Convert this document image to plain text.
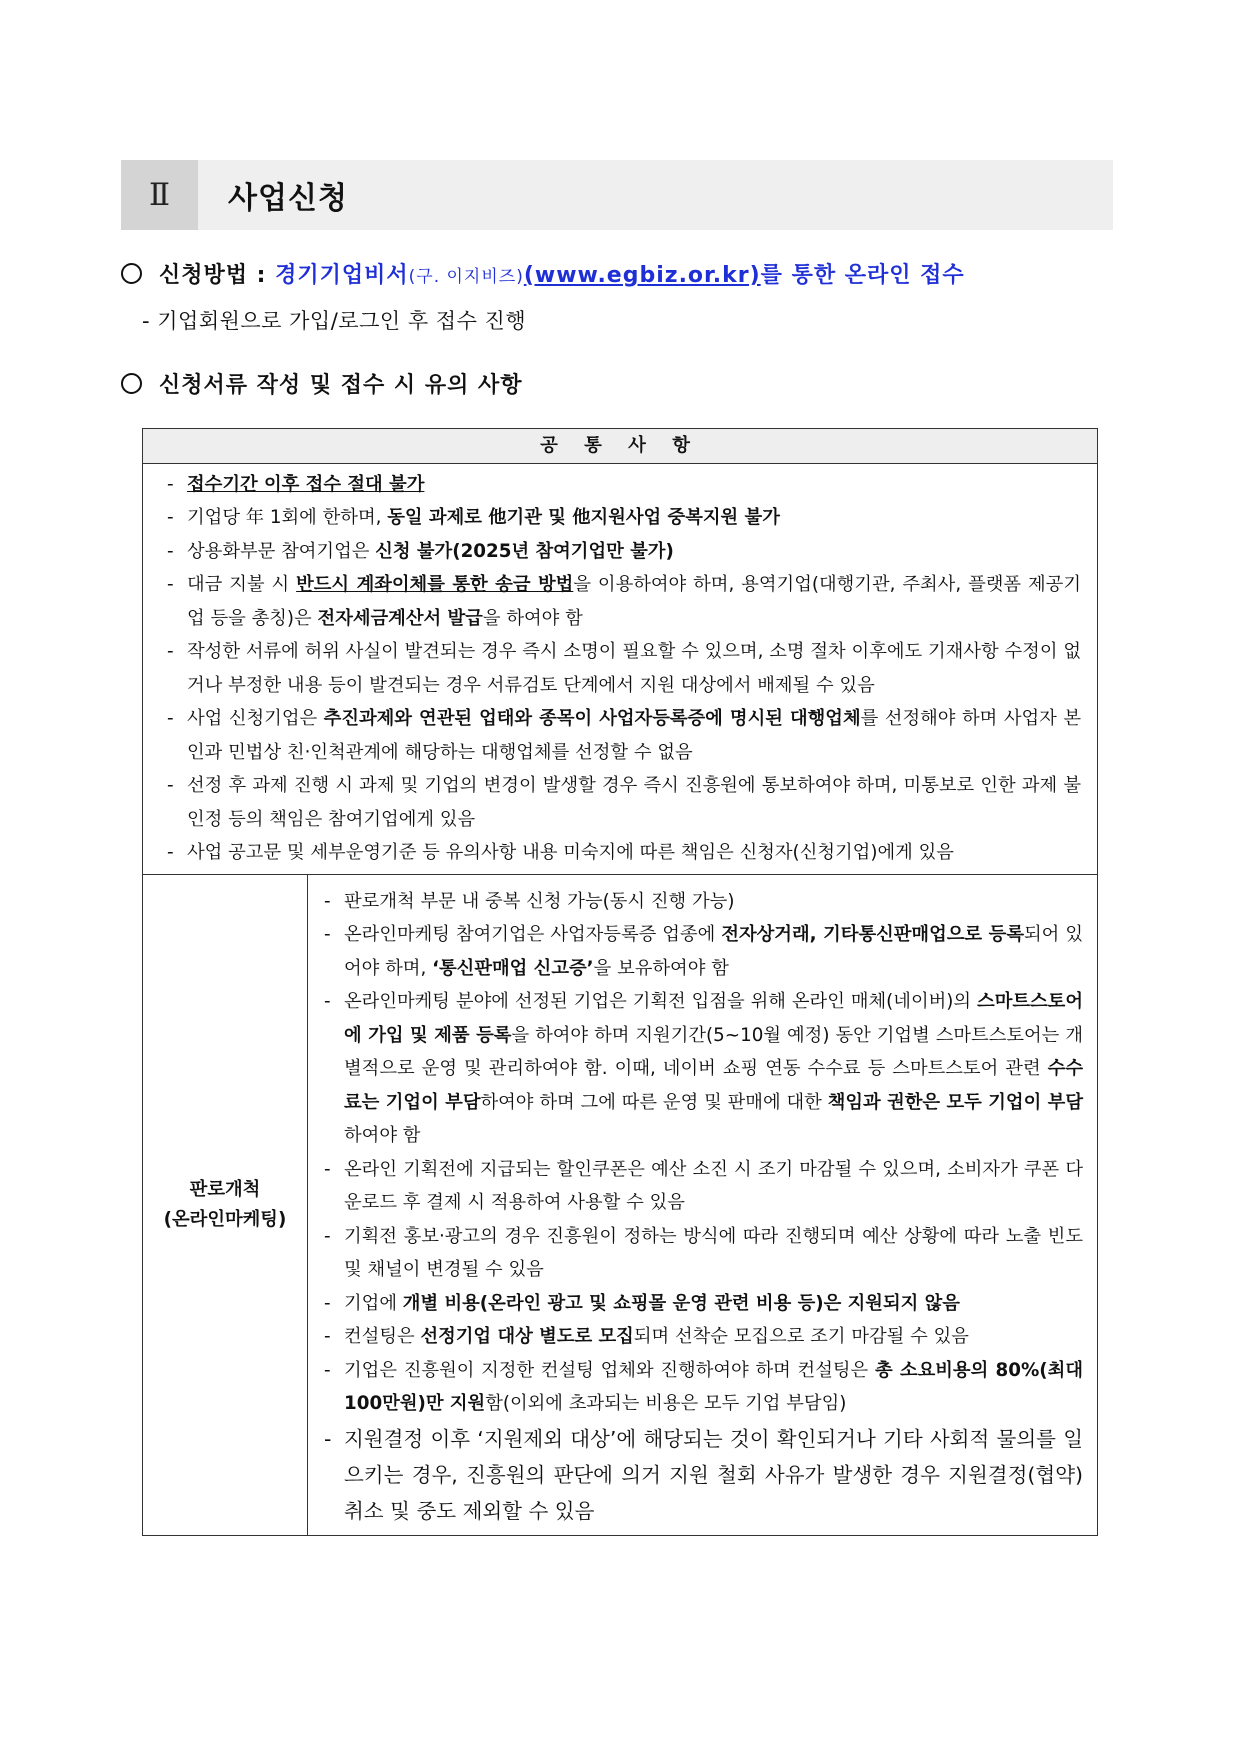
Ⅱ	사업신청
신청방법 : 경기기업비서(구. 이지비즈)(www.egbiz.or.kr)를 통한 온라인 접수
- 기업회원으로 가입/로그인 후 접수 진행
신청서류 작성 및 접수 시 유의 사항
공 통 사 항

- 접수기간 이후 접수 절대 불가
- 기업당 年 1회에 한하며, 동일 과제로 他기관 및 他지원사업 중복지원 불가
- 상용화부문 참여기업은 신청 불가(2025년 참여기업만 불가)
- 대금 지불 시 반드시 계좌이체를 통한 송금 방법을 이용하여야 하며, 용역기업(대행기관, 주최사, 플랫폼 제공기업 등을 총칭)은 전자세금계산서 발급을 하여야 함
- 작성한 서류에 허위 사실이 발견되는 경우 즉시 소명이 필요할 수 있으며, 소명 절차 이후에도 기재사항 수정이 없거나 부정한 내용 등이 발견되는 경우 서류검토 단계에서 지원 대상에서 배제될 수 있음
- 사업 신청기업은 추진과제와 연관된 업태와 종목이 사업자등록증에 명시된 대행업체를 선정해야 하며 사업자 본인과 민법상 친·인척관계에 해당하는 대행업체를 선정할 수 없음
- 선정 후 과제 진행 시 과제 및 기업의 변경이 발생할 경우 즉시 진흥원에 통보하여야 하며, 미통보로 인한 과제 불인정 등의 책임은 참여기업에게 있음
- 사업 공고문 및 세부운영기준 등 유의사항 내용 미숙지에 따른 책임은 신청자(신청기업)에게 있음

판로개척
(온라인마케팅)

- 판로개척 부문 내 중복 신청 가능(동시 진행 가능)
- 온라인마케팅 참여기업은 사업자등록증 업종에 전자상거래, 기타통신판매업으로 등록되어 있어야 하며, ‘통신판매업 신고증’을 보유하여야 함
- 온라인마케팅 분야에 선정된 기업은 기획전 입점을 위해 온라인 매체(네이버)의 스마트스토어에 가입 및 제품 등록을 하여야 하며 지원기간(5~10월 예정) 동안 기업별 스마트스토어는 개별적으로 운영 및 관리하여야 함. 이때, 네이버 쇼핑 연동 수수료 등 스마트스토어 관련 수수료는 기업이 부담하여야 하며 그에 따른 운영 및 판매에 대한 책임과 권한은 모두 기업이 부담하여야 함
- 온라인 기획전에 지급되는 할인쿠폰은 예산 소진 시 조기 마감될 수 있으며, 소비자가 쿠폰 다운로드 후 결제 시 적용하여 사용할 수 있음
- 기획전 홍보·광고의 경우 진흥원이 정하는 방식에 따라 진행되며 예산 상황에 따라 노출 빈도 및 채널이 변경될 수 있음
- 기업에 개별 비용(온라인 광고 및 쇼핑몰 운영 관련 비용 등)은 지원되지 않음
- 컨설팅은 선정기업 대상 별도로 모집되며 선착순 모집으로 조기 마감될 수 있음
- 기업은 진흥원이 지정한 컨설팅 업체와 진행하여야 하며 컨설팅은 총 소요비용의 80%(최대 100만원)만 지원함(이외에 초과되는 비용은 모두 기업 부담임)
- 지원결정 이후 ‘지원제외 대상’에 해당되는 것이 확인되거나 기타 사회적 물의를 일으키는 경우, 진흥원의 판단에 의거 지원 철회 사유가 발생한 경우 지원결정(협약) 취소 및 중도 제외할 수 있음
